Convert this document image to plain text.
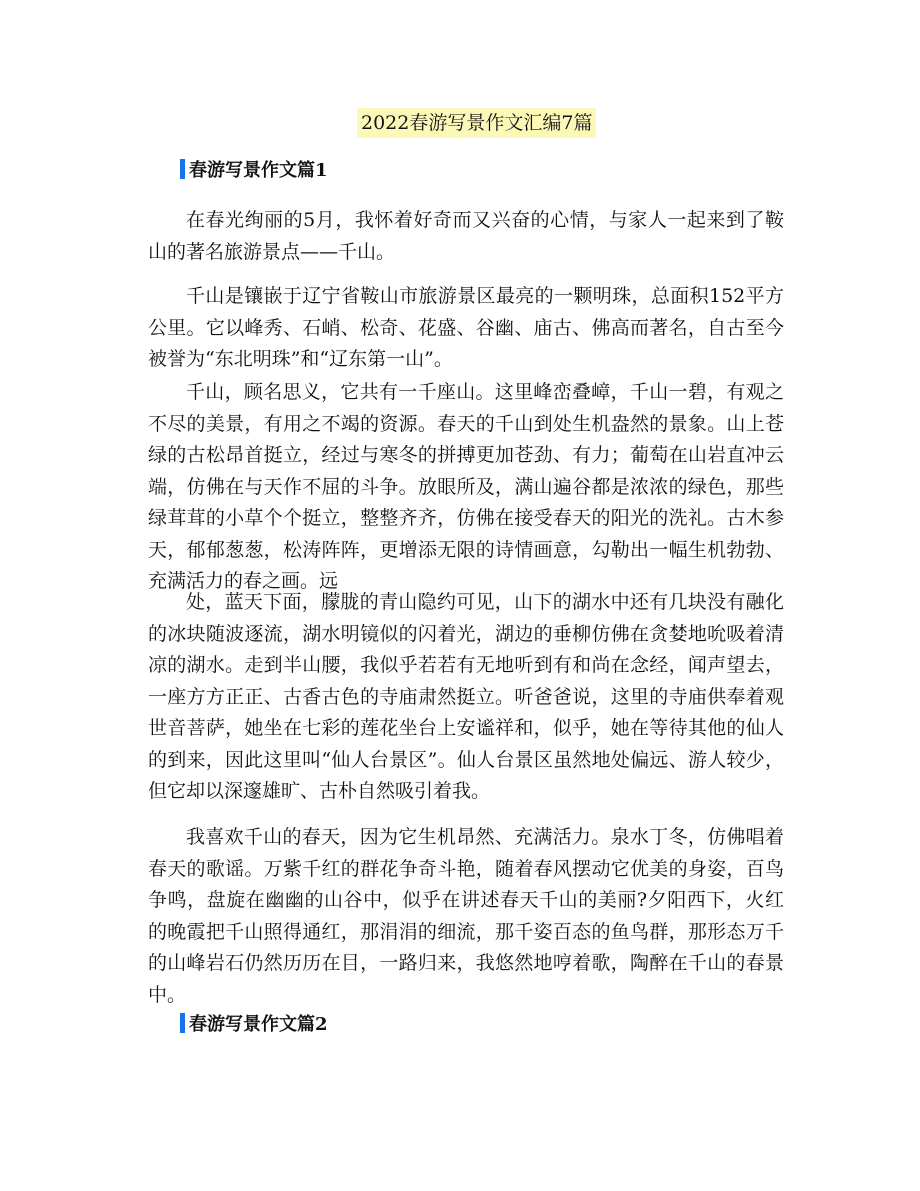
2022春游写景作文汇编7篇
春游写景作文篇1

在春光绚丽的5月，我怀着好奇而又兴奋的心情，与家人一起来到了鞍山的著名旅游景点——千山。

千山是镶嵌于辽宁省鞍山市旅游景区最亮的一颗明珠，总面积152平方公里。它以峰秀、石峭、松奇、花盛、谷幽、庙古、佛高而著名，自古至今被誉为“东北明珠”和“辽东第一山”。

千山，顾名思义，它共有一千座山。这里峰峦叠嶂，千山一碧，有观之不尽的美景，有用之不竭的资源。春天的千山到处生机盎然的景象。山上苍绿的古松昂首挺立，经过与寒冬的拼搏更加苍劲、有力；葡萄在山岩直冲云端，仿佛在与天作不屈的斗争。放眼所及，满山遍谷都是浓浓的绿色，那些绿茸茸的小草个个挺立，整整齐齐，仿佛在接受春天的阳光的洗礼。古木参天，郁郁葱葱，松涛阵阵，更增添无限的诗情画意，勾勒出一幅生机勃勃、充满活力的春之画。远

处，蓝天下面，朦胧的青山隐约可见，山下的湖水中还有几块没有融化的冰块随波逐流，湖水明镜似的闪着光，湖边的垂柳仿佛在贪婪地吮吸着清凉的湖水。走到半山腰，我似乎若若有无地听到有和尚在念经，闻声望去，一座方方正正、古香古色的寺庙肃然挺立。听爸爸说，这里的寺庙供奉着观世音菩萨，她坐在七彩的莲花坐台上安谧祥和，似乎，她在等待其他的仙人的到来，因此这里叫“仙人台景区”。仙人台景区虽然地处偏远、游人较少，但它却以深邃雄旷、古朴自然吸引着我。

我喜欢千山的春天，因为它生机昂然、充满活力。泉水丁冬，仿佛唱着春天的歌谣。万紫千红的群花争奇斗艳，随着春风摆动它优美的身姿，百鸟争鸣，盘旋在幽幽的山谷中，似乎在讲述春天千山的美丽?夕阳西下，火红的晚霞把千山照得通红，那涓涓的细流，那千姿百态的鱼鸟群，那形态万千的山峰岩石仍然历历在目，一路归来，我悠然地哼着歌，陶醉在千山的春景中。

春游写景作文篇2
